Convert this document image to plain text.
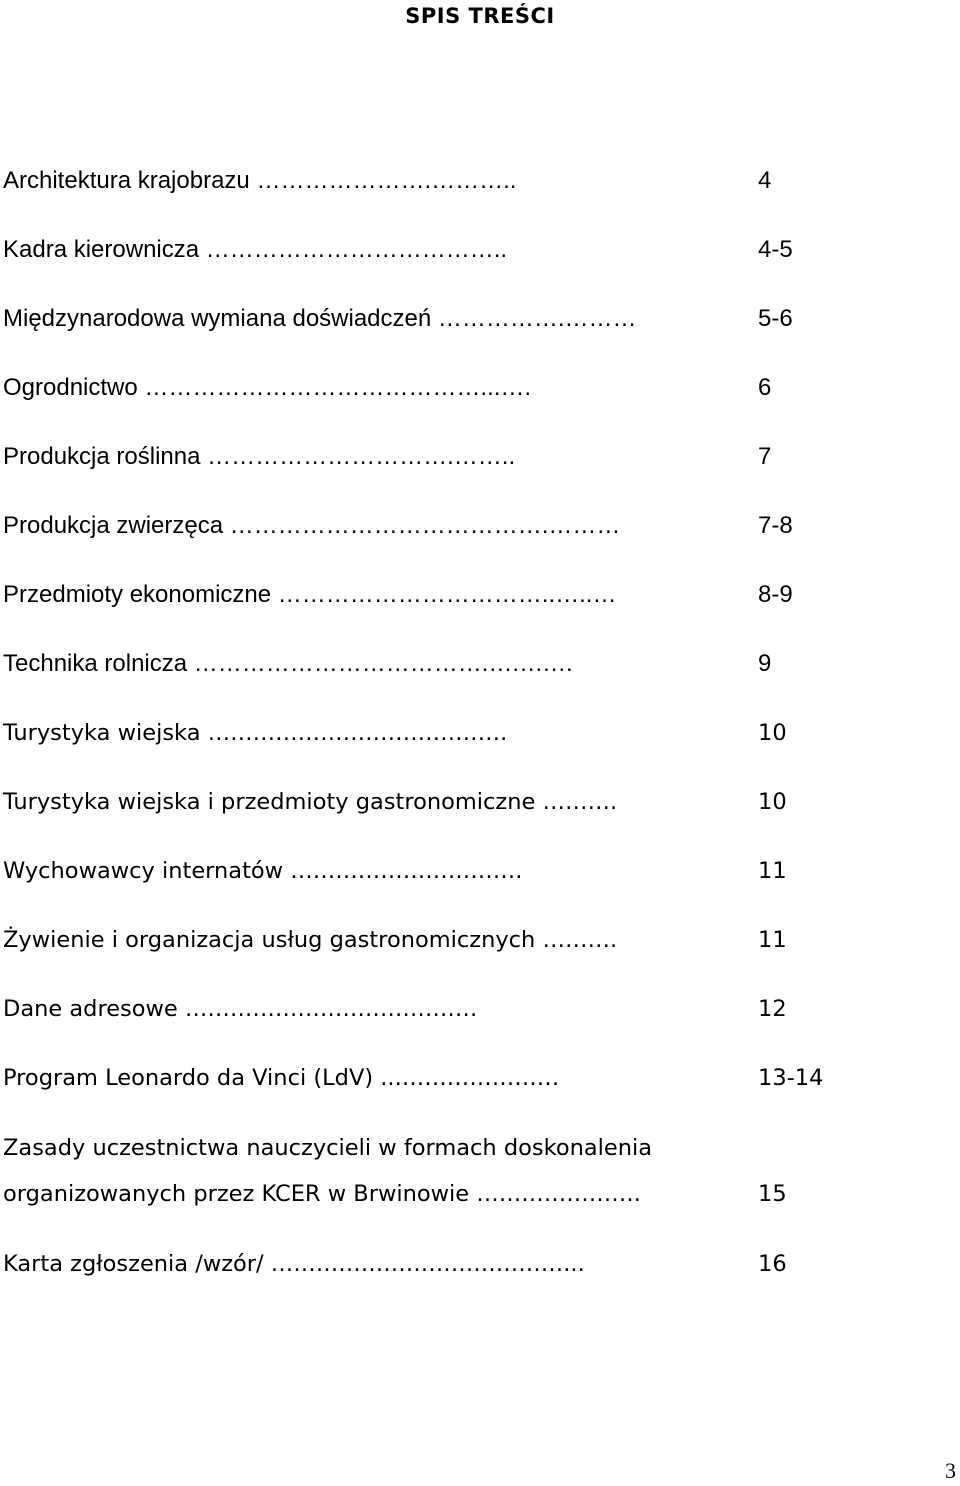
SPIS TREŚCI
Architektura krajobrazu ………………….………..	4
Kadra kierownicza ………………………………..	4-5
Międzynarodowa wymiana doświadczeń …………….………	5-6
Ogrodnictwo ……………………………………...….	6
Produkcja roślinna ………………………….……..	7
Produkcja zwierzęca ………………………………….………	7-8
Przedmioty ekonomiczne ……………………………..…..…	8-9
Technika rolnicza ……………………………….….….…	9
Turystyka wiejska ………………………………….	10
Turystyka wiejska i przedmioty gastronomiczne ……….	10
Wychowawcy internatów ………………………….	11
Żywienie i organizacja usług gastronomicznych ……….	11
Dane adresowe …………………………………	12
Program Leonardo da Vinci (LdV) ...…………………	13-14
Zasady uczestnictwa nauczycieli w formach doskonalenia
organizowanych przez KCER w Brwinowie ………………….	15
Karta zgłoszenia /wzór/ …………………………………...	16
3
